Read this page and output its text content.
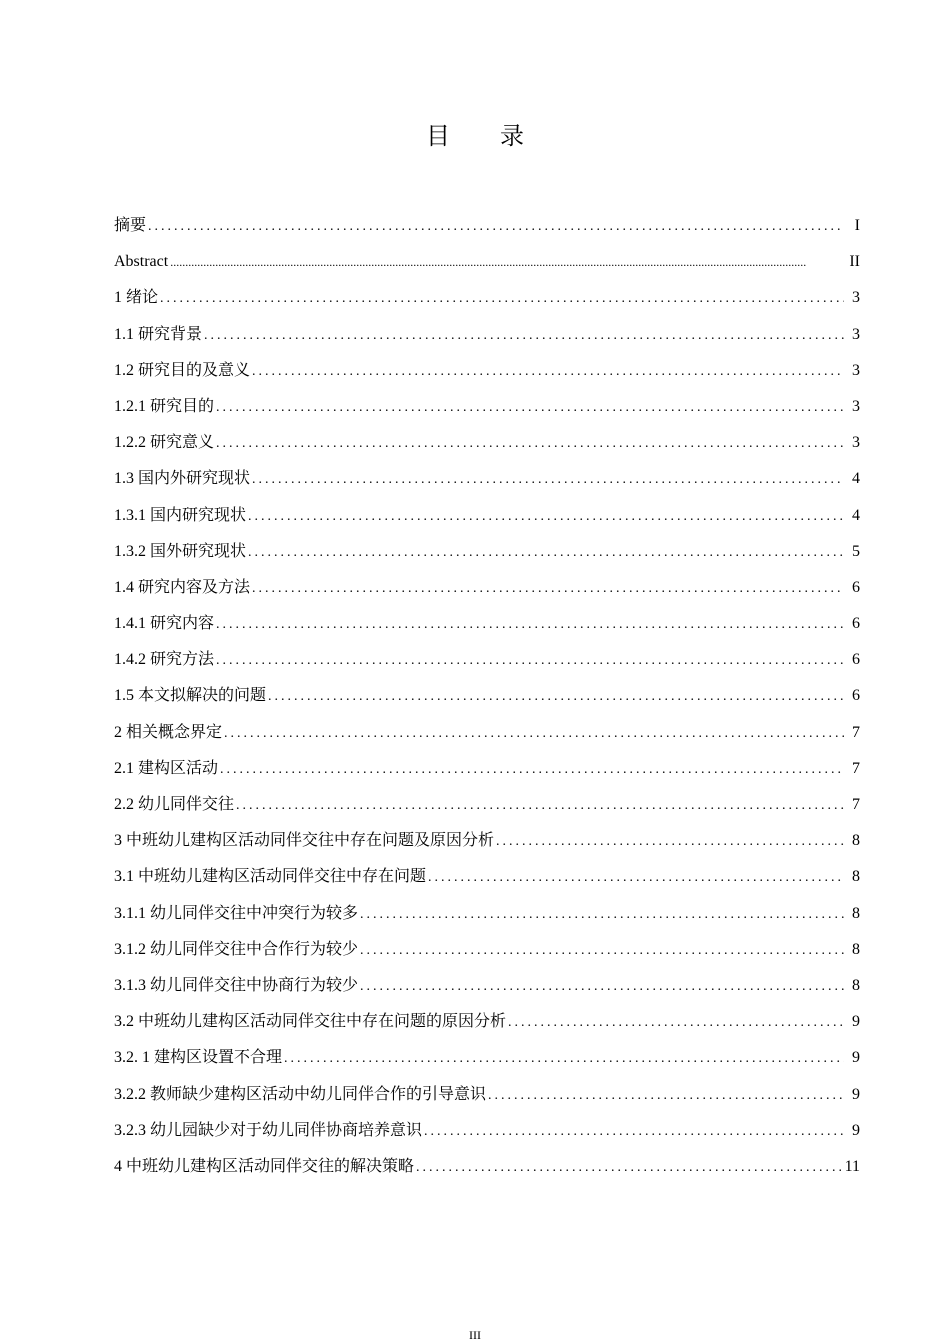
目 录
摘要 .....	I
Abstract .....	II
1 绪论 .....	3
1.1 研究背景 .....	3
1.2 研究目的及意义 .....	3
1.2.1 研究目的 .....	3
1.2.2 研究意义 .....	3
1.3 国内外研究现状 .....	4
1.3.1 国内研究现状 .....	4
1.3.2 国外研究现状 .....	5
1.4 研究内容及方法 .....	6
1.4.1 研究内容 .....	6
1.4.2 研究方法 .....	6
1.5 本文拟解决的问题 .....	6
2 相关概念界定 .....	7
2.1 建构区活动 .....	7
2.2 幼儿同伴交往 .....	7
3 中班幼儿建构区活动同伴交往中存在问题及原因分析 .....	8
3.1 中班幼儿建构区活动同伴交往中存在问题 .....	8
3.1.1 幼儿同伴交往中冲突行为较多 .....	8
3.1.2 幼儿同伴交往中合作行为较少 .....	8
3.1.3 幼儿同伴交往中协商行为较少 .....	8
3.2 中班幼儿建构区活动同伴交往中存在问题的原因分析 .....	9
3.2. 1 建构区设置不合理 .....	9
3.2.2 教师缺少建构区活动中幼儿同伴合作的引导意识 .....	9
3.2.3 幼儿园缺少对于幼儿同伴协商培养意识 .....	9
4 中班幼儿建构区活动同伴交往的解决策略 .....	11
III
